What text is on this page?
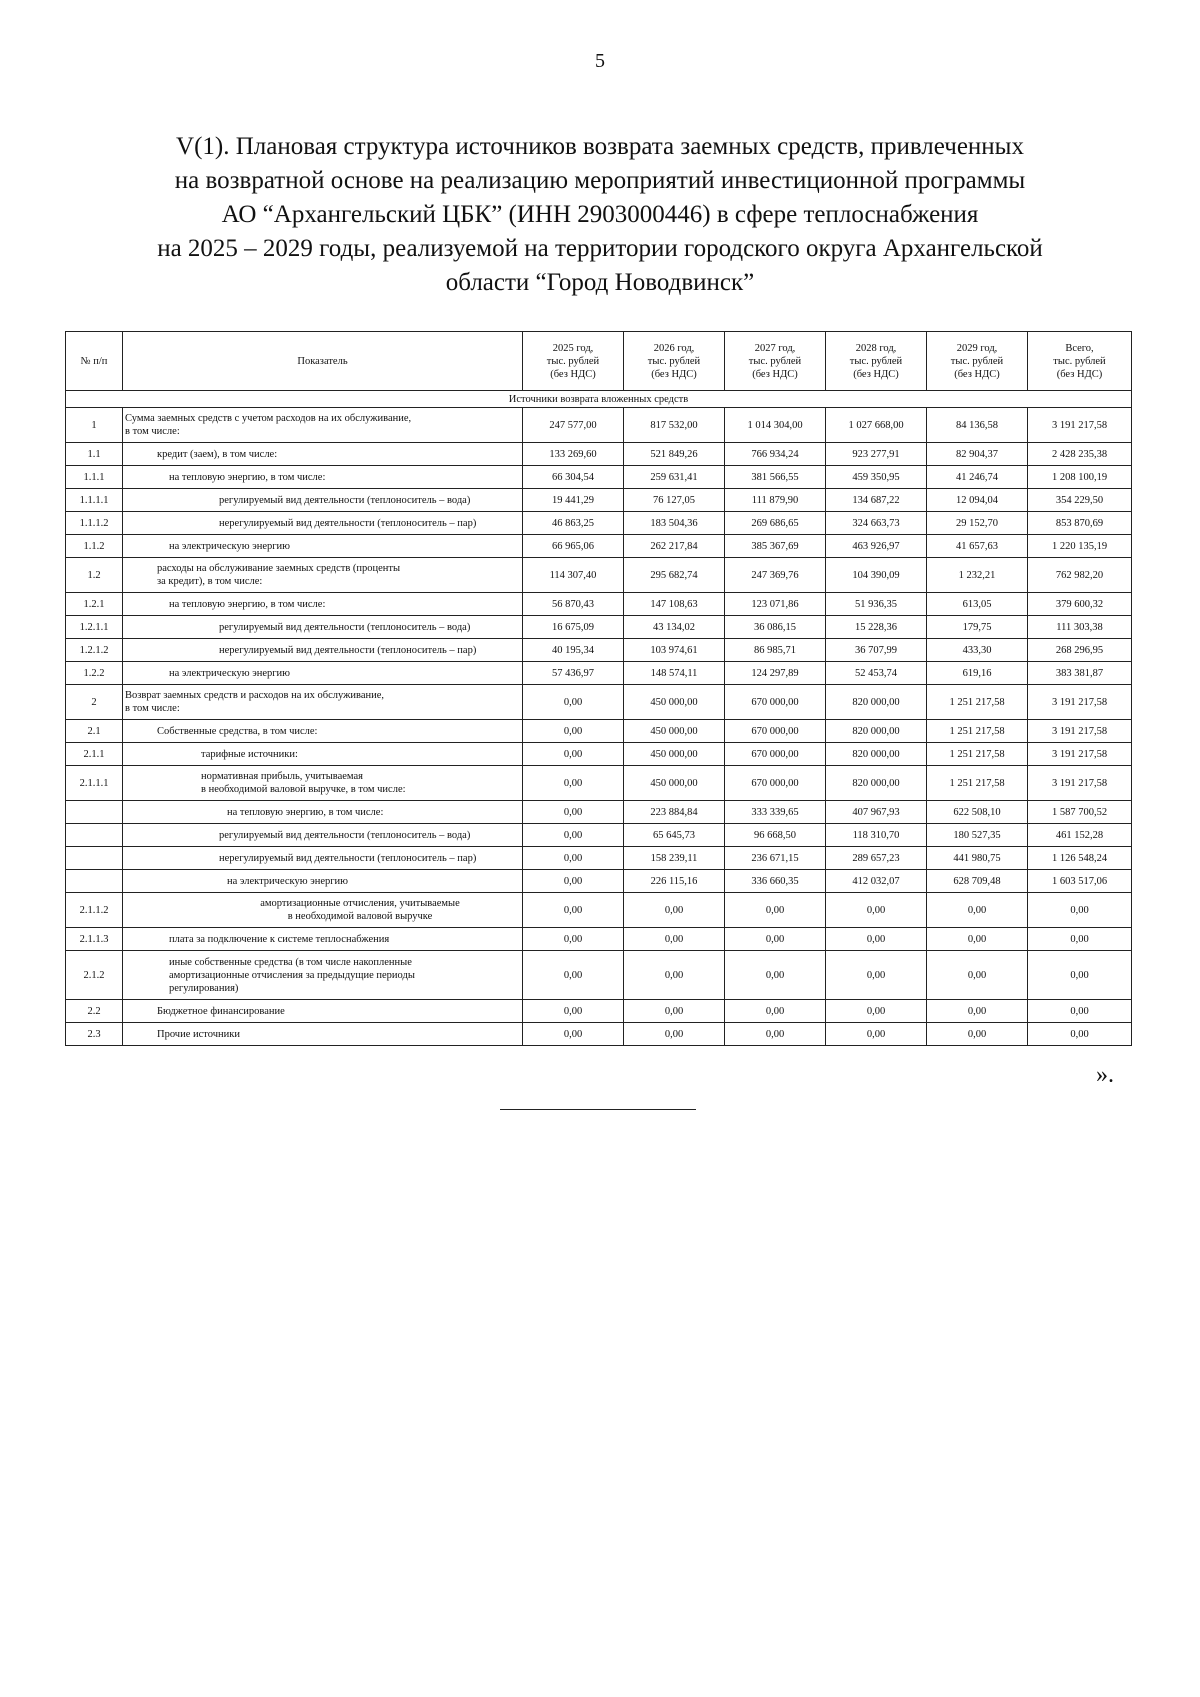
5
V(1). Плановая структура источников возврата заемных средств, привлеченных
на возвратной основе на реализацию мероприятий инвестиционной программы
АО “Архангельский ЦБК” (ИНН 2903000446) в сфере теплоснабжения
на 2025 – 2029 годы, реализуемой на территории городского округа Архангельской
области “Город Новодвинск”
№ п/п	Показатель	2025 год,
тыс. рублей
(без НДС)	2026 год,
тыс. рублей
(без НДС)	2027 год,
тыс. рублей
(без НДС)	2028 год,
тыс. рублей
(без НДС)	2029 год,
тыс. рублей
(без НДС)	Всего,
тыс. рублей
(без НДС)
Источники возврата вложенных средств							
1	Сумма заемных средств с учетом расходов на их обслуживание,
в том числе:	247 577,00	817 532,00	1 014 304,00	1 027 668,00	84 136,58	3 191 217,58
1.1	кредит (заем), в том числе:	133 269,60	521 849,26	766 934,24	923 277,91	82 904,37	2 428 235,38
1.1.1	на тепловую энергию, в том числе:	66 304,54	259 631,41	381 566,55	459 350,95	41 246,74	1 208 100,19
1.1.1.1	регулируемый вид деятельности (теплоноситель – вода)	19 441,29	76 127,05	111 879,90	134 687,22	12 094,04	354 229,50
1.1.1.2	нерегулируемый вид деятельности (теплоноситель – пар)	46 863,25	183 504,36	269 686,65	324 663,73	29 152,70	853 870,69
1.1.2	на электрическую энергию	66 965,06	262 217,84	385 367,69	463 926,97	41 657,63	1 220 135,19
1.2	расходы на обслуживание заемных средств (проценты
за кредит), в том числе:	114 307,40	295 682,74	247 369,76	104 390,09	1 232,21	762 982,20
1.2.1	на тепловую энергию, в том числе:	56 870,43	147 108,63	123 071,86	51 936,35	613,05	379 600,32
1.2.1.1	регулируемый вид деятельности (теплоноситель – вода)	16 675,09	43 134,02	36 086,15	15 228,36	179,75	111 303,38
1.2.1.2	нерегулируемый вид деятельности (теплоноситель – пар)	40 195,34	103 974,61	86 985,71	36 707,99	433,30	268 296,95
1.2.2	на электрическую энергию	57 436,97	148 574,11	124 297,89	52 453,74	619,16	383 381,87
2	Возврат заемных средств и расходов на их обслуживание,
в том числе:	0,00	450 000,00	670 000,00	820 000,00	1 251 217,58	3 191 217,58
2.1	Собственные средства, в том числе:	0,00	450 000,00	670 000,00	820 000,00	1 251 217,58	3 191 217,58
2.1.1	тарифные источники:	0,00	450 000,00	670 000,00	820 000,00	1 251 217,58	3 191 217,58
2.1.1.1	нормативная прибыль, учитываемая
в необходимой валовой выручке, в том числе:	0,00	450 000,00	670 000,00	820 000,00	1 251 217,58	3 191 217,58
	на тепловую энергию, в том числе:	0,00	223 884,84	333 339,65	407 967,93	622 508,10	1 587 700,52
	регулируемый вид деятельности (теплоноситель – вода)	0,00	65 645,73	96 668,50	118 310,70	180 527,35	461 152,28
	нерегулируемый вид деятельности (теплоноситель – пар)	0,00	158 239,11	236 671,15	289 657,23	441 980,75	1 126 548,24
	на электрическую энергию	0,00	226 115,16	336 660,35	412 032,07	628 709,48	1 603 517,06
2.1.1.2	амортизационные отчисления, учитываемые
в необходимой валовой выручке	0,00	0,00	0,00	0,00	0,00	0,00
2.1.1.3	плата за подключение к системе теплоснабжения	0,00	0,00	0,00	0,00	0,00	0,00
2.1.2	иные собственные средства (в том числе накопленные
амортизационные отчисления за предыдущие периоды
регулирования)	0,00	0,00	0,00	0,00	0,00	0,00
2.2	Бюджетное финансирование	0,00	0,00	0,00	0,00	0,00	0,00
2.3	Прочие источники	0,00	0,00	0,00	0,00	0,00	0,00
».
